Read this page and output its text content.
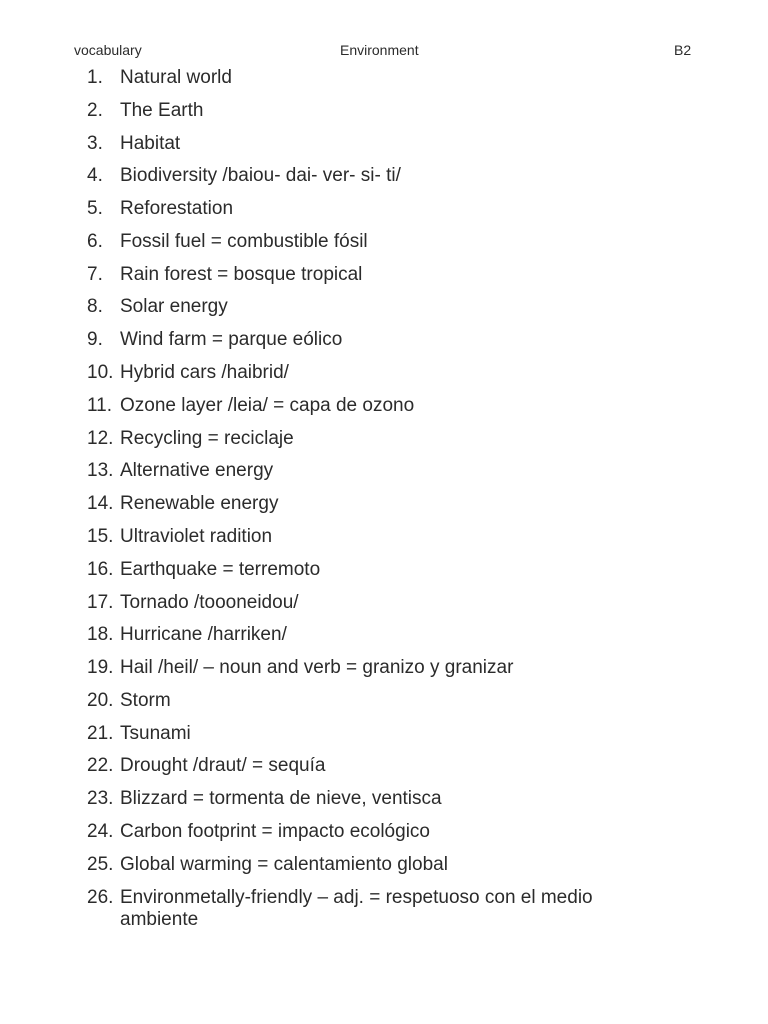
vocabulary	Environment	B2
1. Natural world
2. The Earth
3. Habitat
4. Biodiversity /baiou- dai- ver- si- ti/
5. Reforestation
6. Fossil fuel = combustible fósil
7. Rain forest = bosque tropical
8. Solar energy
9. Wind farm = parque eólico
10. Hybrid cars /haibrid/
11. Ozone layer /leia/ = capa de ozono
12. Recycling = reciclaje
13. Alternative energy
14. Renewable energy
15. Ultraviolet radition
16. Earthquake = terremoto
17. Tornado /toooneidou/
18. Hurricane /harriken/
19. Hail /heil/ – noun and verb = granizo y granizar
20. Storm
21. Tsunami
22. Drought /draut/ = sequía
23. Blizzard = tormenta de nieve, ventisca
24. Carbon footprint = impacto ecológico
25. Global warming = calentamiento global
26. Environmetally-friendly – adj. = respetuoso con el medio ambiente
